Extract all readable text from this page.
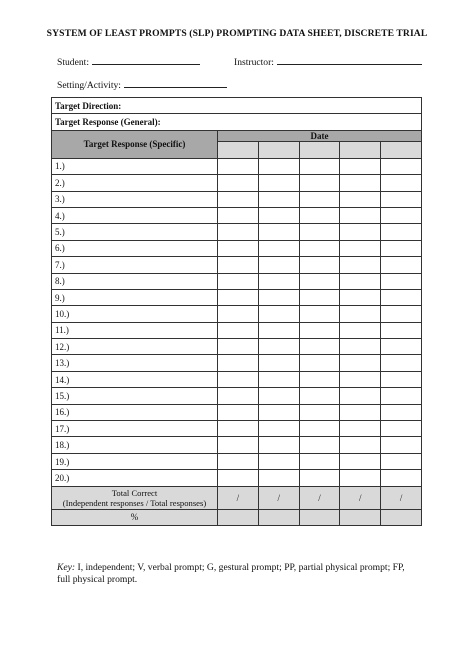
SYSTEM OF LEAST PROMPTS (SLP) PROMPTING DATA SHEET, DISCRETE TRIAL
Student:	Instructor:
Setting/Activity:
Target Direction:					
Target Response (General):					
Target Response (Specific)	Date				

1.)					
2.)					
3.)					
4.)					
5.)					
6.)					
7.)					
8.)					
9.)					
10.)					
11.)					
12.)					
13.)					
14.)					
15.)					
16.)					
17.)					
18.)					
19.)					
20.)					

Total Correct
(Independent responses / Total responses)	/	/	/	/	/
%					
Key: I, independent; V, verbal prompt; G, gestural prompt; PP, partial physical prompt; FP, full physical prompt.
